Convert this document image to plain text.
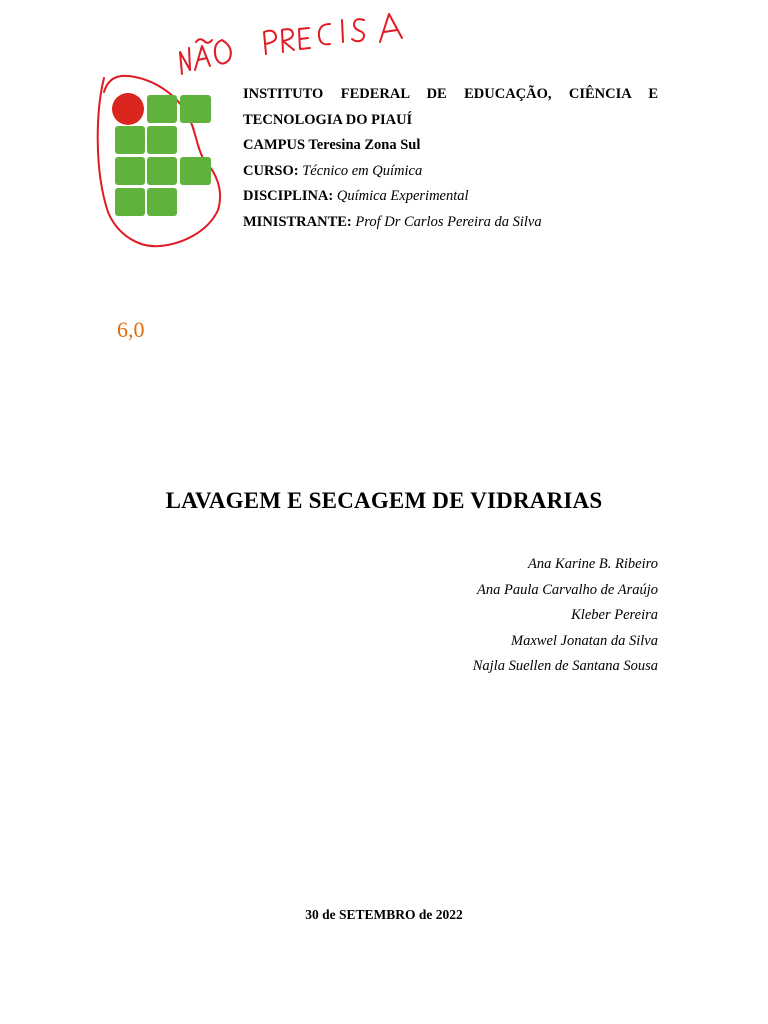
INSTITUTO FEDERAL DE EDUCAÇÃO, CIÊNCIA E
TECNOLOGIA DO PIAUÍ
CAMPUS Teresina Zona Sul
CURSO: Técnico em Química
DISCIPLINA: Química Experimental
MINISTRANTE: Prof Dr Carlos Pereira da Silva
6,0
LAVAGEM E SECAGEM DE VIDRARIAS
Ana Karine B. Ribeiro
Ana Paula Carvalho de Araújo
Kleber Pereira
Maxwel Jonatan da Silva
Najla Suellen de Santana Sousa
30 de SETEMBRO de 2022
